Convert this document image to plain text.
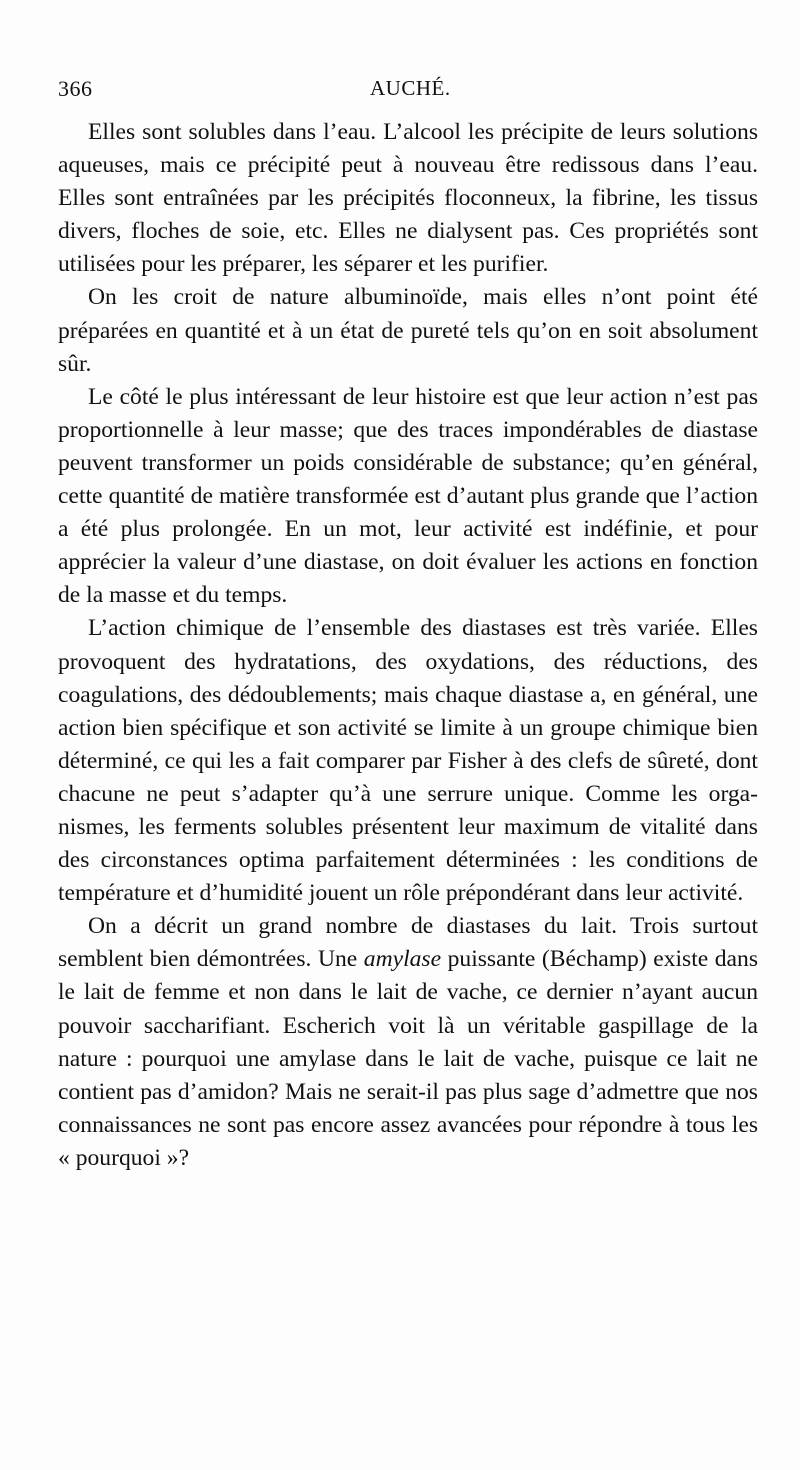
366	AUCHÉ.

Elles sont solubles dans l’eau. L’alcool les précipite de leurs solutions aqueuses, mais ce précipité peut à nouveau être redissous dans l’eau. Elles sont entraînées par les précipités floconneux, la fibrine, les tissus divers, floches de soie, etc. Elles ne dialysent pas. Ces propriétés sont utilisées pour les préparer, les séparer et les purifier.

On les croit de nature albuminoïde, mais elles n’ont point été préparées en quantité et à un état de pureté tels qu’on en soit absolument sûr.

Le côté le plus intéressant de leur histoire est que leur action n’est pas proportionnelle à leur masse; que des traces impondérables de diastase peuvent transformer un poids considérable de substance; qu’en général, cette quantité de matière transformée est d’autant plus grande que l’action a été plus prolongée. En un mot, leur activité est indéfinie, et pour apprécier la valeur d’une diastase, on doit évaluer les actions en fonction de la masse et du temps.

L’action chimique de l’ensemble des diastases est très variée. Elles provoquent des hydratations, des oxydations, des réductions, des coagulations, des dédoublements; mais chaque diastase a, en général, une action bien spécifique et son activité se limite à un groupe chimique bien déterminé, ce qui les a fait comparer par Fisher à des clefs de sûreté, dont chacune ne peut s’adapter qu’à une serrure unique. Comme les organismes, les ferments solubles présentent leur maximum de vitalité dans des circonstances optima parfaitement déterminées : les conditions de température et d’humidité jouent un rôle prépondérant dans leur activité.

On a décrit un grand nombre de diastases du lait. Trois surtout semblent bien démontrées. Une amylase puissante (Béchamp) existe dans le lait de femme et non dans le lait de vache, ce dernier n’ayant aucun pouvoir saccharifiant. Escherich voit là un véritable gaspillage de la nature : pourquoi une amylase dans le lait de vache, puisque ce lait ne contient pas d’amidon? Mais ne serait-il pas plus sage d’admettre que nos connaissances ne sont pas encore assez avancées pour répondre à tous les « pourquoi »?
